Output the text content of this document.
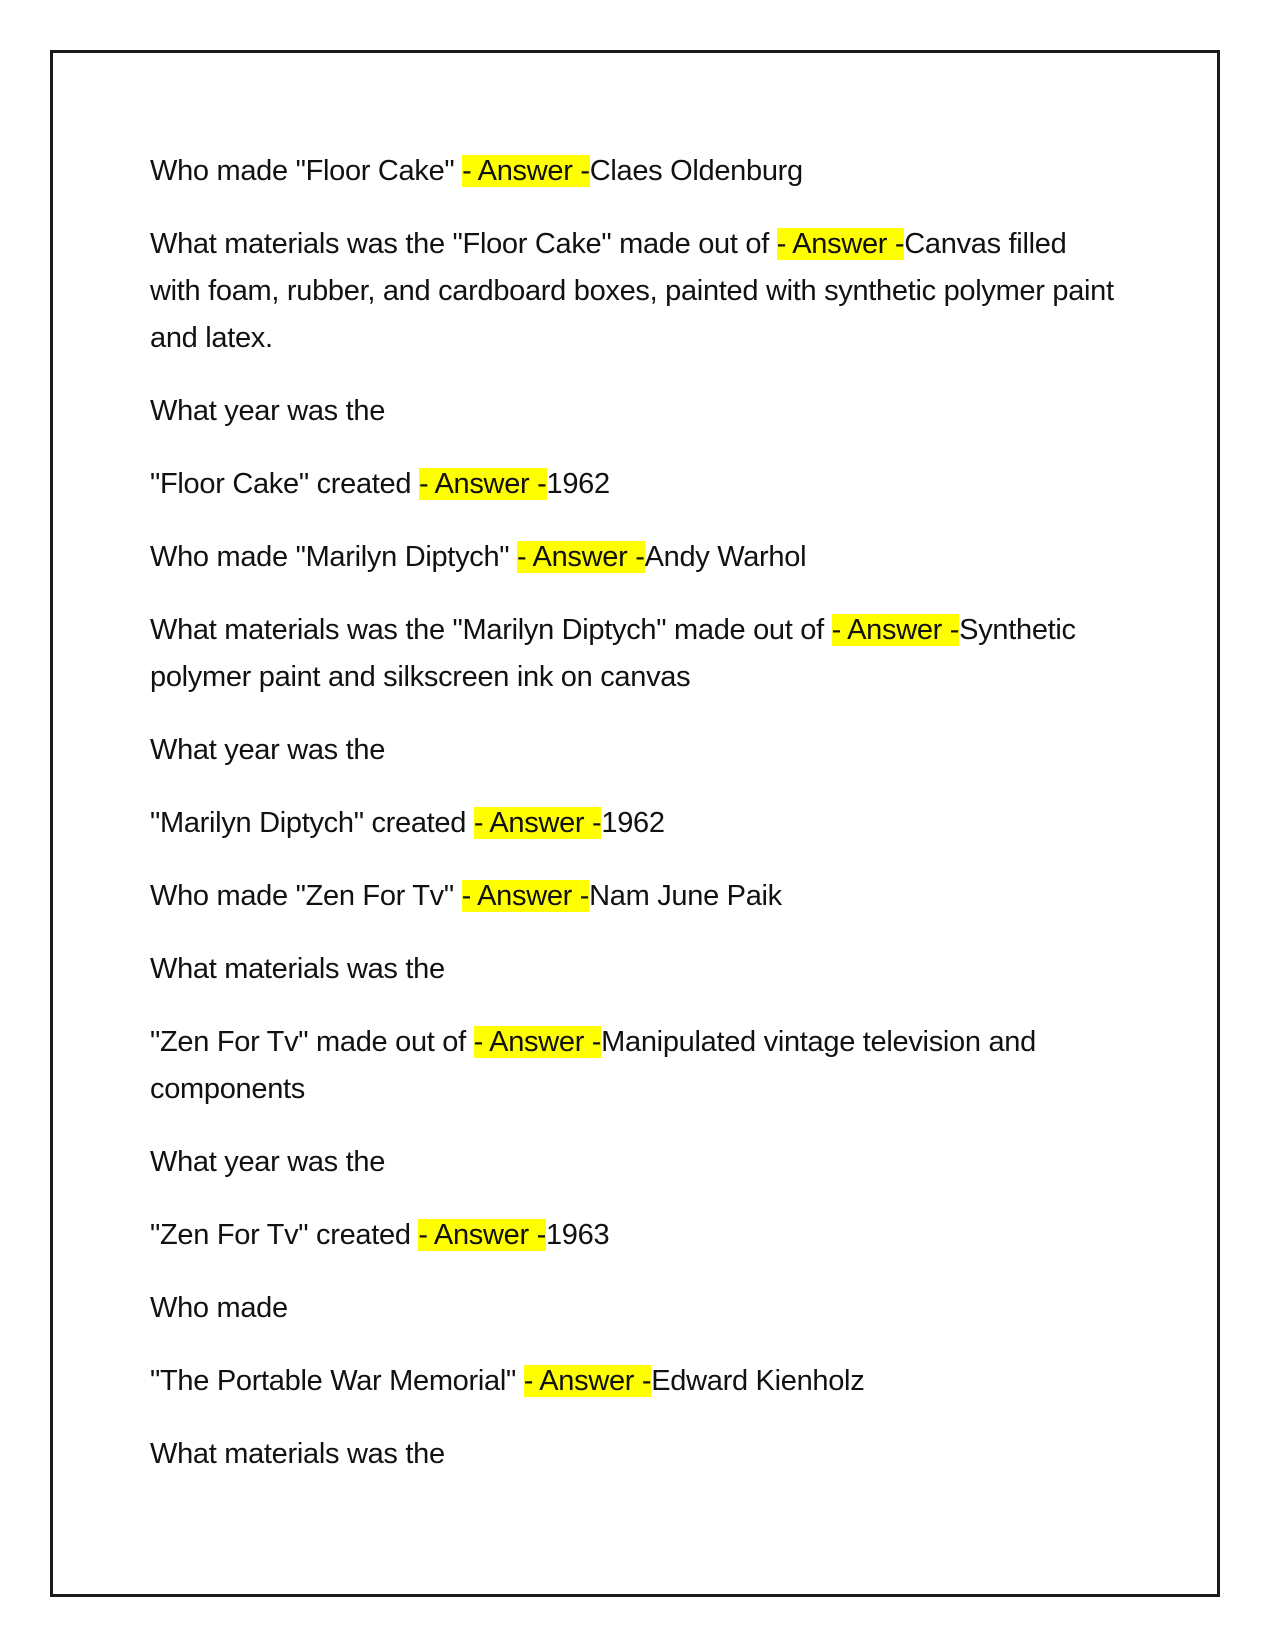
Who made "Floor Cake" - Answer -Claes Oldenburg

What materials was the "Floor Cake" made out of - Answer -Canvas filled with foam, rubber, and cardboard boxes, painted with synthetic polymer paint and latex.

What year was the

"Floor Cake" created - Answer -1962

Who made "Marilyn Diptych" - Answer -Andy Warhol

What materials was the "Marilyn Diptych" made out of - Answer -Synthetic polymer paint and silkscreen ink on canvas

What year was the

"Marilyn Diptych" created - Answer -1962

Who made "Zen For Tv" - Answer -Nam June Paik

What materials was the

"Zen For Tv" made out of - Answer -Manipulated vintage television and components

What year was the

"Zen For Tv" created - Answer -1963

Who made

"The Portable War Memorial" - Answer -Edward Kienholz

What materials was the
